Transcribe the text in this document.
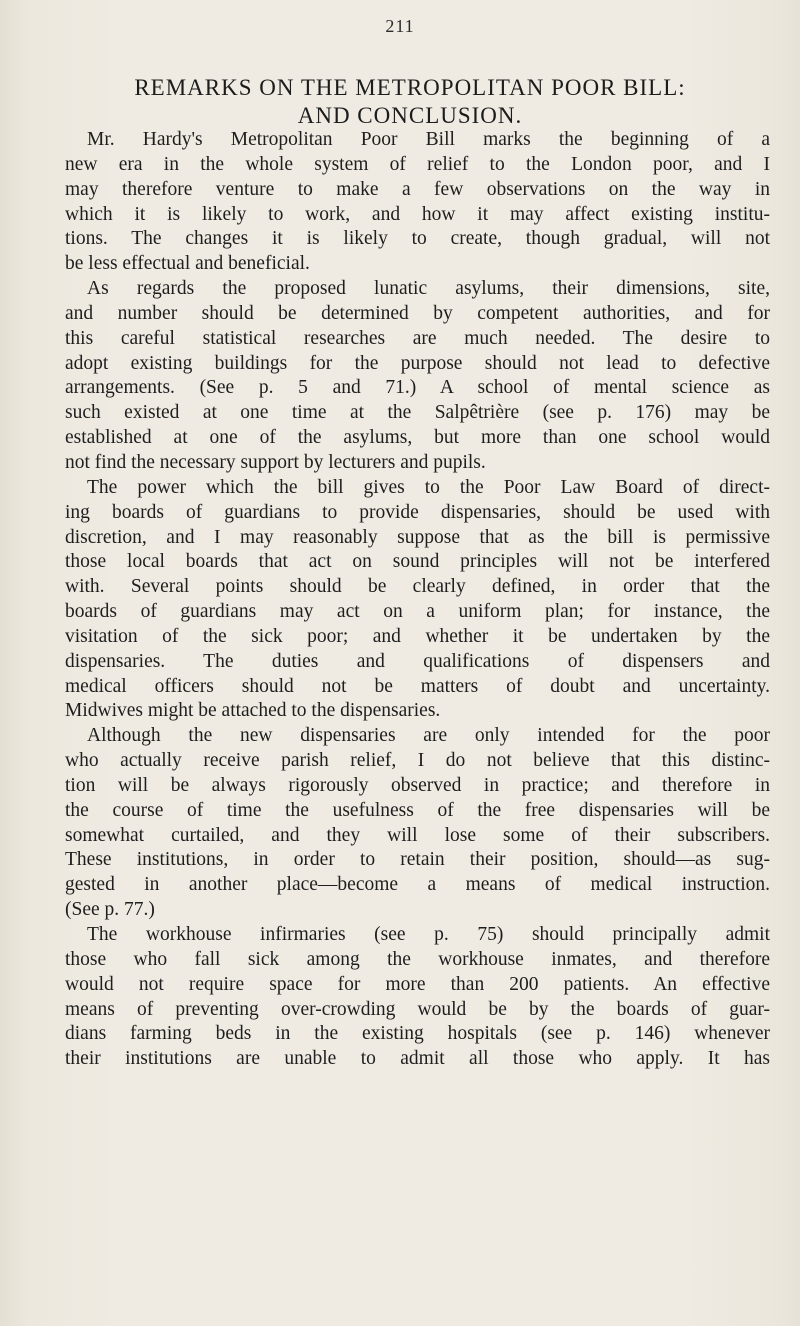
211
REMARKS ON THE METROPOLITAN POOR BILL:
AND CONCLUSION.
Mr. Hardy's Metropolitan Poor Bill marks the beginning of a
new era in the whole system of relief to the London poor, and I
may therefore venture to make a few observations on the way in
which it is likely to work, and how it may affect existing institu-
tions. The changes it is likely to create, though gradual, will not
be less effectual and beneficial.
As regards the proposed lunatic asylums, their dimensions, site,
and number should be determined by competent authorities, and for
this careful statistical researches are much needed. The desire to
adopt existing buildings for the purpose should not lead to defective
arrangements. (See p. 5 and 71.) A school of mental science as
such existed at one time at the Salpêtrière (see p. 176) may be
established at one of the asylums, but more than one school would
not find the necessary support by lecturers and pupils.
The power which the bill gives to the Poor Law Board of direct-
ing boards of guardians to provide dispensaries, should be used with
discretion, and I may reasonably suppose that as the bill is permissive
those local boards that act on sound principles will not be interfered
with. Several points should be clearly defined, in order that the
boards of guardians may act on a uniform plan; for instance, the
visitation of the sick poor; and whether it be undertaken by the
dispensaries. The duties and qualifications of dispensers and
medical officers should not be matters of doubt and uncertainty.
Midwives might be attached to the dispensaries.
Although the new dispensaries are only intended for the poor
who actually receive parish relief, I do not believe that this distinc-
tion will be always rigorously observed in practice; and therefore in
the course of time the usefulness of the free dispensaries will be
somewhat curtailed, and they will lose some of their subscribers.
These institutions, in order to retain their position, should—as sug-
gested in another place—become a means of medical instruction.
(See p. 77.)
The workhouse infirmaries (see p. 75) should principally admit
those who fall sick among the workhouse inmates, and therefore
would not require space for more than 200 patients. An effective
means of preventing over-crowding would be by the boards of guar-
dians farming beds in the existing hospitals (see p. 146) whenever
their institutions are unable to admit all those who apply. It has
